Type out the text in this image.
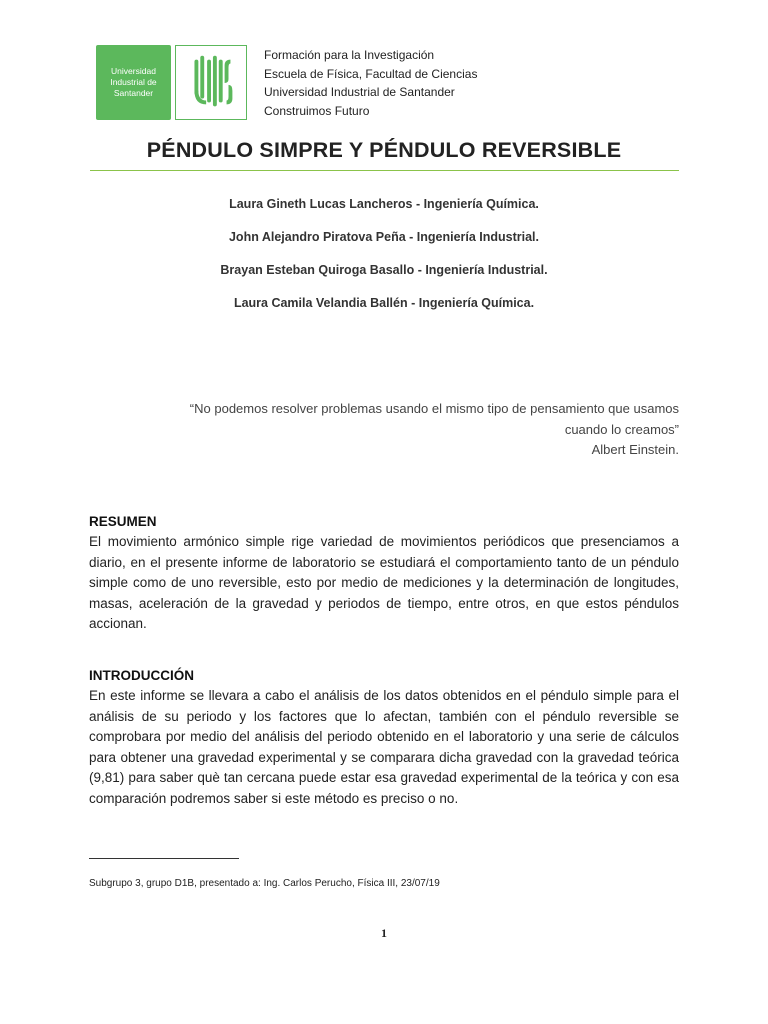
Universidad
Industrial de
Santander
Formación para la Investigación
Escuela de Física, Facultad de Ciencias
Universidad Industrial de Santander
Construimos Futuro
PÉNDULO SIMPRE Y PÉNDULO REVERSIBLE
Laura Gineth Lucas Lancheros - Ingeniería Química.
John Alejandro Piratova Peña - Ingeniería Industrial.
Brayan Esteban Quiroga Basallo - Ingeniería Industrial.
Laura Camila Velandia Ballén - Ingeniería Química.
“No podemos resolver problemas usando el mismo tipo de pensamiento que usamos
cuando lo creamos”
Albert Einstein.
RESUMEN

El movimiento armónico simple rige variedad de movimientos periódicos que presenciamos a diario, en el presente informe de laboratorio se estudiará el comportamiento tanto de un péndulo simple como de uno reversible, esto por medio de mediciones y la determinación de longitudes, masas, aceleración de la gravedad y periodos de tiempo, entre otros, en que estos péndulos accionan.

INTRODUCCIÓN

En este informe se llevara a cabo el análisis de los datos obtenidos en el péndulo simple para el análisis de su periodo y los factores que lo afectan, también con el péndulo reversible se comprobara por medio del análisis del periodo obtenido en el laboratorio y una serie de cálculos para obtener una gravedad experimental y se comparara dicha gravedad con la gravedad teórica (9,81) para saber què tan cercana puede estar esa gravedad experimental de la teórica y con esa comparación podremos saber si este método es preciso o no.

Subgrupo 3, grupo D1B, presentado a: Ing. Carlos Perucho, Física III, 23/07/19
1
